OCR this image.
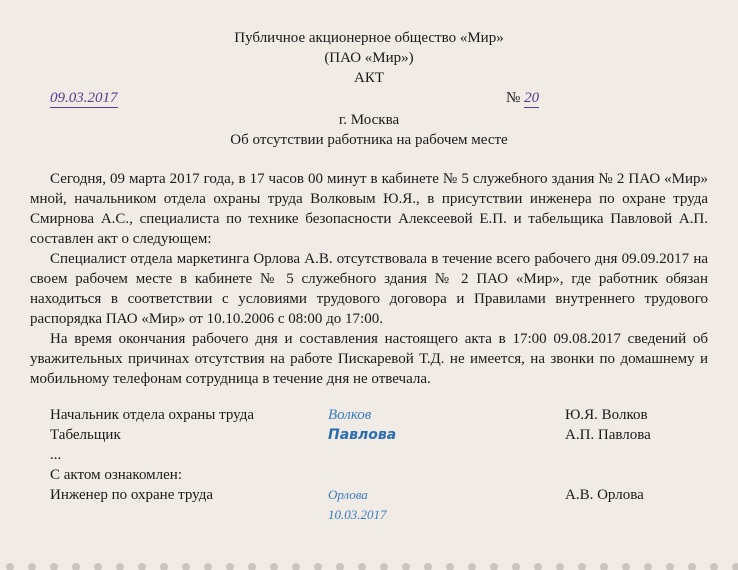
Публичное акционерное общество «Мир»
(ПАО «Мир»)
АКТ
09.03.2017	№ 20
г. Москва
Об отсутствии работника на рабочем месте
Сегодня, 09 марта 2017 года, в 17 часов 00 минут в кабинете № 5 служебного здания № 2 ПАО «Мир» мной, начальником отдела охраны труда Волковым Ю.Я., в присутствии инженера по охране труда Смирнова А.С., специалиста по технике безопасности Алексеевой Е.П. и табельщика Павловой А.П. составлен акт о следующем:
Специалист отдела маркетинга Орлова А.В. отсутствовала в течение всего рабочего дня 09.09.2017 на своем рабочем месте в кабинете № 5 служебного здания № 2 ПАО «Мир», где работник обязан находиться в соответствии с условиями трудового договора и Правилами внутреннего трудового распорядка ПАО «Мир» от 10.10.2006 с 08:00 до 17:00.
На время окончания рабочего дня и составления настоящего акта в 17:00 09.08.2017 сведений об уважительных причинах отсутствия на работе Пискаревой Т.Д. не имеется, на звонки по домашнему и мобильному телефонам сотрудница в течение дня не отвечала.
Начальник отдела охраны труда	Волков	Ю.Я. Волков
Табельщик	Павлова	А.П. Павлова
...
С актом ознакомлен:
Инженер по охране труда	Орлова	А.В. Орлова
10.03.2017
